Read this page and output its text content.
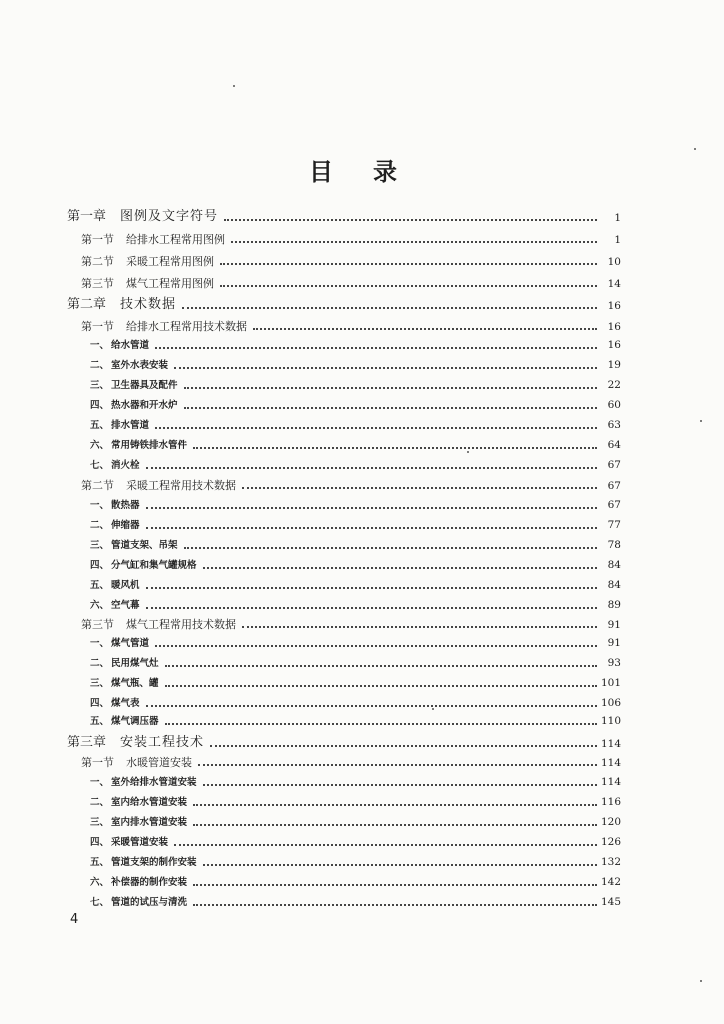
目录
第一章 图例及文字符号	1
第一节 给排水工程常用图例	1
第二节 采暖工程常用图例	10
第三节 煤气工程常用图例	14
第二章 技术数据	16
第一节 给排水工程常用技术数据	16
一、 给水管道	16
二、 室外水表安装	19
三、 卫生器具及配件	22
四、 热水器和开水炉	60
五、 排水管道	63
六、 常用铸铁排水管件	64
七、 消火栓	67
第二节 采暖工程常用技术数据	67
一、 散热器	67
二、 伸缩器	77
三、 管道支架、吊架	78
四、 分气缸和集气罐规格	84
五、 暖风机	84
六、 空气幕	89
第三节 煤气工程常用技术数据	91
一、 煤气管道	91
二、 民用煤气灶	93
三、 煤气瓶、罐	101
四、 煤气表	106
五、 煤气调压器	110
第三章 安装工程技术	114
第一节 水暖管道安装	114
一、 室外给排水管道安装	114
二、 室内给水管道安装	116
三、 室内排水管道安装	120
四、 采暖管道安装	126
五、 管道支架的制作安装	132
六、 补偿器的制作安装	142
七、 管道的试压与清洗	145
4
